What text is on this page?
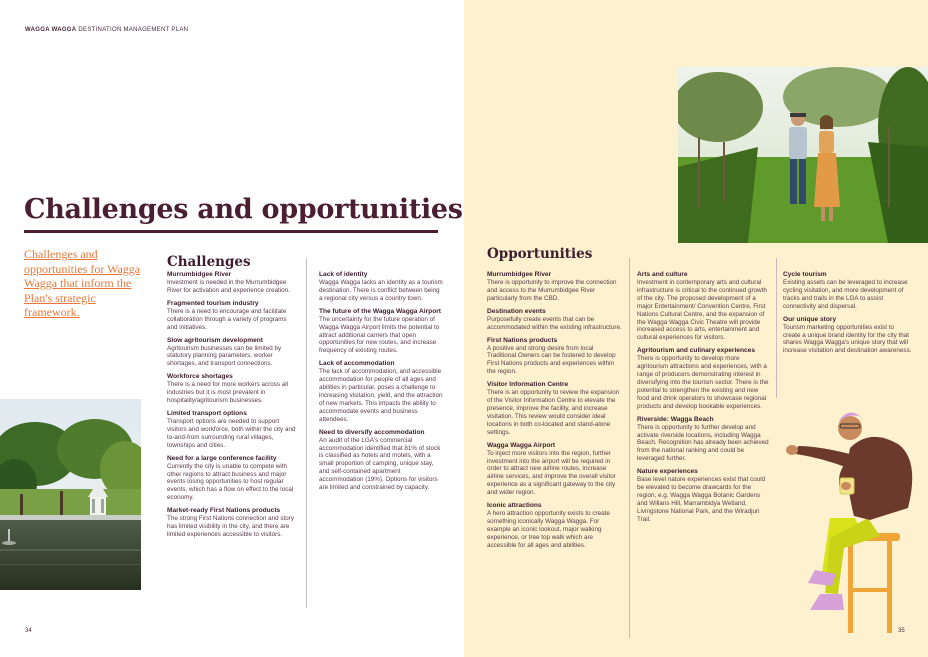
WAGGA WAGGA DESTINATION MANAGEMENT PLAN
Challenges and opportunities
Challenges and opportunities for Wagga Wagga that inform the Plan's strategic framework.
Challenges
Murrumbidgee River

Investment is needed in the Murrumbidgee River for activation and experience creation.

Fragmented tourism industry

There is a need to encourage and facilitate collaboration through a variety of programs and initiatives.

Slow agritourism development

Agritourism businesses can be limited by statutory planning parameters, worker shortages, and transport connections.

Workforce shortages

There is a need for more workers across all industries but it is most prevalent in hospitality/agritourism businesses.

Limited transport options

Transport options are needed to support visitors and workforce, both within the city and to-and-from surrounding rural villages, townships and cities.

Need for a large conference facility

Currently the city is unable to compete with other regions to attract business and major events losing opportunities to host regular events, which has a flow on effect to the local economy.

Market-ready First Nations products

The strong First Nations connection and story has limited visibility in the city, and there are limited experiences accessible to visitors.

Lack of identity

Wagga Wagga lacks an identity as a tourism destination. There is conflict between being a regional city versus a country town.

The future of the Wagga Wagga Airport

The uncertainty for the future operation of Wagga Wagga Airport limits the potential to attract additional carriers that open opportunities for new routes, and increase frequency of existing routes.

Lack of accommodation

The lack of accommodation, and accessible accommodation for people of all ages and abilities in particular, poses a challenge to increasing visitation, yield, and the attraction of new markets. This impacts the ability to accommodate events and business attendees.

Need to diversify accommodation

An audit of the LGA's commercial accommodation identified that 81% of stock is classified as hotels and motels, with a small proportion of camping, unique stay, and self-contained apartment accommodation (19%). Options for visitors are limited and constrained by capacity.

Opportunities
Murrumbidgee River

There is opportunity to improve the connection and access to the Murrumbidgee River particularly from the CBD.

Destination events

Purposefully create events that can be accommodated within the existing infrastructure.

First Nations products

A positive and strong desire from local Traditional Owners can be fostered to develop First Nations products and experiences within the region.

Visitor Information Centre

There is an opportunity to review the expansion of the Visitor Information Centre to elevate the presence, improve the facility, and increase visitation. This review would consider ideal locations in both co-located and stand-alone settings.

Wagga Wagga Airport

To inject more visitors into the region, further investment into the airport will be required in order to attract new airline routes, increase airline services, and improve the overall visitor experience as a significant gateway to the city and wider region.

Iconic attractions

A hero attraction opportunity exists to create something iconically Wagga Wagga. For example an iconic lookout, major walking experience, or tree top walk which are accessible for all ages and abilities.

Arts and culture

Investment in contemporary arts and cultural infrastructure is critical to the continued growth of the city. The proposed development of a major Entertainment/ Convention Centre, First Nations Cultural Centre, and the expansion of the Wagga Wagga Civic Theatre will provide increased access to arts, entertainment and cultural experiences for visitors.

Agritourism and culinary experiences

There is opportunity to develop more agritourism attractions and experiences, with a range of producers demonstrating interest in diversifying into the tourism sector. There is the potential to strengthen the existing and new food and drink operators to showcase regional products and develop bookable experiences.

Riverside: Wagga Beach

There is opportunity to further develop and activate riverside locations, including Wagga Beach. Recognition has already been achieved from the national ranking and could be leveraged further.

Nature experiences

Base level nature experiences exist that could be elevated to become drawcards for the region, e.g. Wagga Wagga Botanic Gardens and Willans Hill, Marrambidya Wetland, Livingstone National Park, and the Wiradjuri Trail.

Cycle tourism

Existing assets can be leveraged to increase cycling visitation, and more development of tracks and trails in the LGA to assist connectivity and dispersal.

Our unique story

Tourism marketing opportunities exist to create a unique brand identity for the city that shares Wagga Wagga's unique story that will increase visitation and destination awareness.

34	35
